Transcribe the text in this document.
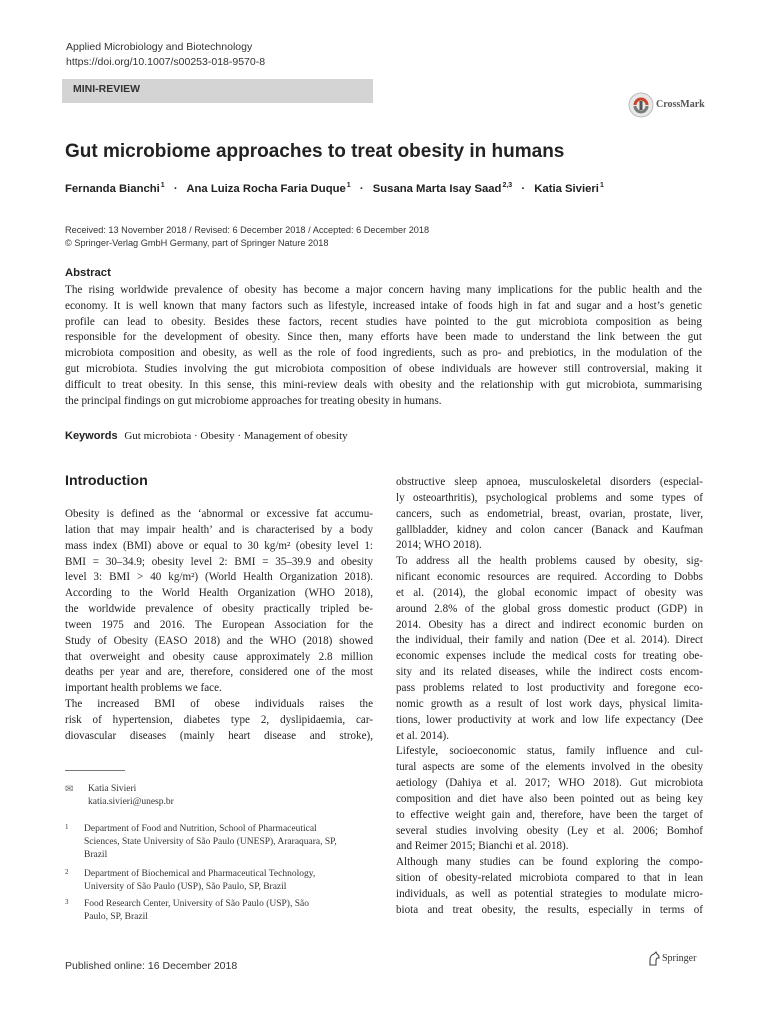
Applied Microbiology and Biotechnology
https://doi.org/10.1007/s00253-018-9570-8
MINI-REVIEW
CrossMark
Gut microbiome approaches to treat obesity in humans
Fernanda Bianchi$^1$ · Ana Luiza Rocha Faria Duque$^1$ · Susana Marta Isay Saad$^{2,3}$ · Katia Sivieri$^1$
Received: 13 November 2018 / Revised: 6 December 2018 / Accepted: 6 December 2018
© Springer-Verlag GmbH Germany, part of Springer Nature 2018
Abstract
The rising worldwide prevalence of obesity has become a major concern having many implications for the public health and the
economy. It is well known that many factors such as lifestyle, increased intake of foods high in fat and sugar and a host’s genetic
profile can lead to obesity. Besides these factors, recent studies have pointed to the gut microbiota composition as being
responsible for the development of obesity. Since then, many efforts have been made to understand the link between the gut
microbiota composition and obesity, as well as the role of food ingredients, such as pro- and prebiotics, in the modulation of the
gut microbiota. Studies involving the gut microbiota composition of obese individuals are however still controversial, making it
difficult to treat obesity. In this sense, this mini-review deals with obesity and the relationship with gut microbiota, summarising
the principal findings on gut microbiome approaches for treating obesity in humans.
Keywords Gut microbiota · Obesity · Management of obesity
Introduction
Obesity is defined as the ‘abnormal or excessive fat accumu-
lation that may impair health’ and is characterised by a body
mass index (BMI) above or equal to 30 kg/m² (obesity level 1:
BMI = 30–34.9; obesity level 2: BMI = 35–39.9 and obesity
level 3: BMI > 40 kg/m²) (World Health Organization 2018).
According to the World Health Organization (WHO 2018),
the worldwide prevalence of obesity practically tripled be-
tween 1975 and 2016. The European Association for the
Study of Obesity (EASO 2018) and the WHO (2018) showed
that overweight and obesity cause approximately 2.8 million
deaths per year and are, therefore, considered one of the most
important health problems we face.
The increased BMI of obese individuals raises the
risk of hypertension, diabetes type 2, dyslipidaemia, car-
diovascular diseases (mainly heart disease and stroke),
obstructive sleep apnoea, musculoskeletal disorders (especial-
ly osteoarthritis), psychological problems and some types of
cancers, such as endometrial, breast, ovarian, prostate, liver,
gallbladder, kidney and colon cancer (Banack and Kaufman
2014; WHO 2018).
To address all the health problems caused by obesity, sig-
nificant economic resources are required. According to Dobbs
et al. (2014), the global economic impact of obesity was
around 2.8% of the global gross domestic product (GDP) in
2014. Obesity has a direct and indirect economic burden on
the individual, their family and nation (Dee et al. 2014). Direct
economic expenses include the medical costs for treating obe-
sity and its related diseases, while the indirect costs encom-
pass problems related to lost productivity and foregone eco-
nomic growth as a result of lost work days, physical limita-
tions, lower productivity at work and low life expectancy (Dee
et al. 2014).
Lifestyle, socioeconomic status, family influence and cul-
tural aspects are some of the elements involved in the obesity
aetiology (Dahiya et al. 2017; WHO 2018). Gut microbiota
composition and diet have also been pointed out as being key
to effective weight gain and, therefore, have been the target of
several studies involving obesity (Ley et al. 2006; Bomhof
and Reimer 2015; Bianchi et al. 2018).
Although many studies can be found exploring the compo-
sition of obesity-related microbiota compared to that in lean
individuals, as well as potential strategies to modulate micro-
biota and treat obesity, the results, especially in terms of
✉ Katia Sivieri
katia.sivieri@unesp.br
1 Department of Food and Nutrition, School of Pharmaceutical
Sciences, State University of São Paulo (UNESP), Araraquara, SP,
Brazil
2 Department of Biochemical and Pharmaceutical Technology,
University of São Paulo (USP), São Paulo, SP, Brazil
3 Food Research Center, University of São Paulo (USP), São
Paulo, SP, Brazil
Published online: 16 December 2018
Springer
